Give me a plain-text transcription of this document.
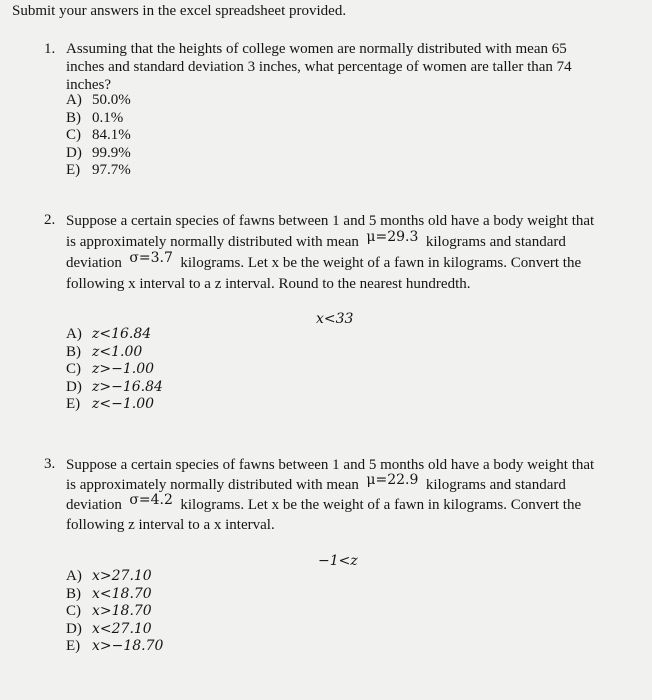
Submit your answers in the excel spreadsheet provided.
1. Assuming that the heights of college women are normally distributed with mean 65

inches and standard deviation 3 inches, what percentage of women are taller than 74

inches?

A) 50.0%
B) 0.1%
C) 84.1%
D) 99.9%
E) 97.7%
2. Suppose a certain species of fawns between 1 and 5 months old have a body weight that

is approximately normally distributed with mean μ=29.3 kilograms and standard

deviation σ=3.7 kilograms. Let x be the weight of a fawn in kilograms. Convert the

following x interval to a z interval. Round to the nearest hundredth.

x<33
A) z<16.84
B) z<1.00
C) z>−1.00
D) z>−16.84
E) z<−1.00
3. Suppose a certain species of fawns between 1 and 5 months old have a body weight that

is approximately normally distributed with mean μ=22.9 kilograms and standard

deviation σ=4.2 kilograms. Let x be the weight of a fawn in kilograms. Convert the

following z interval to a x interval.

−1<z
A) x>27.10
B) x<18.70
C) x>18.70
D) x<27.10
E) x>−18.70
